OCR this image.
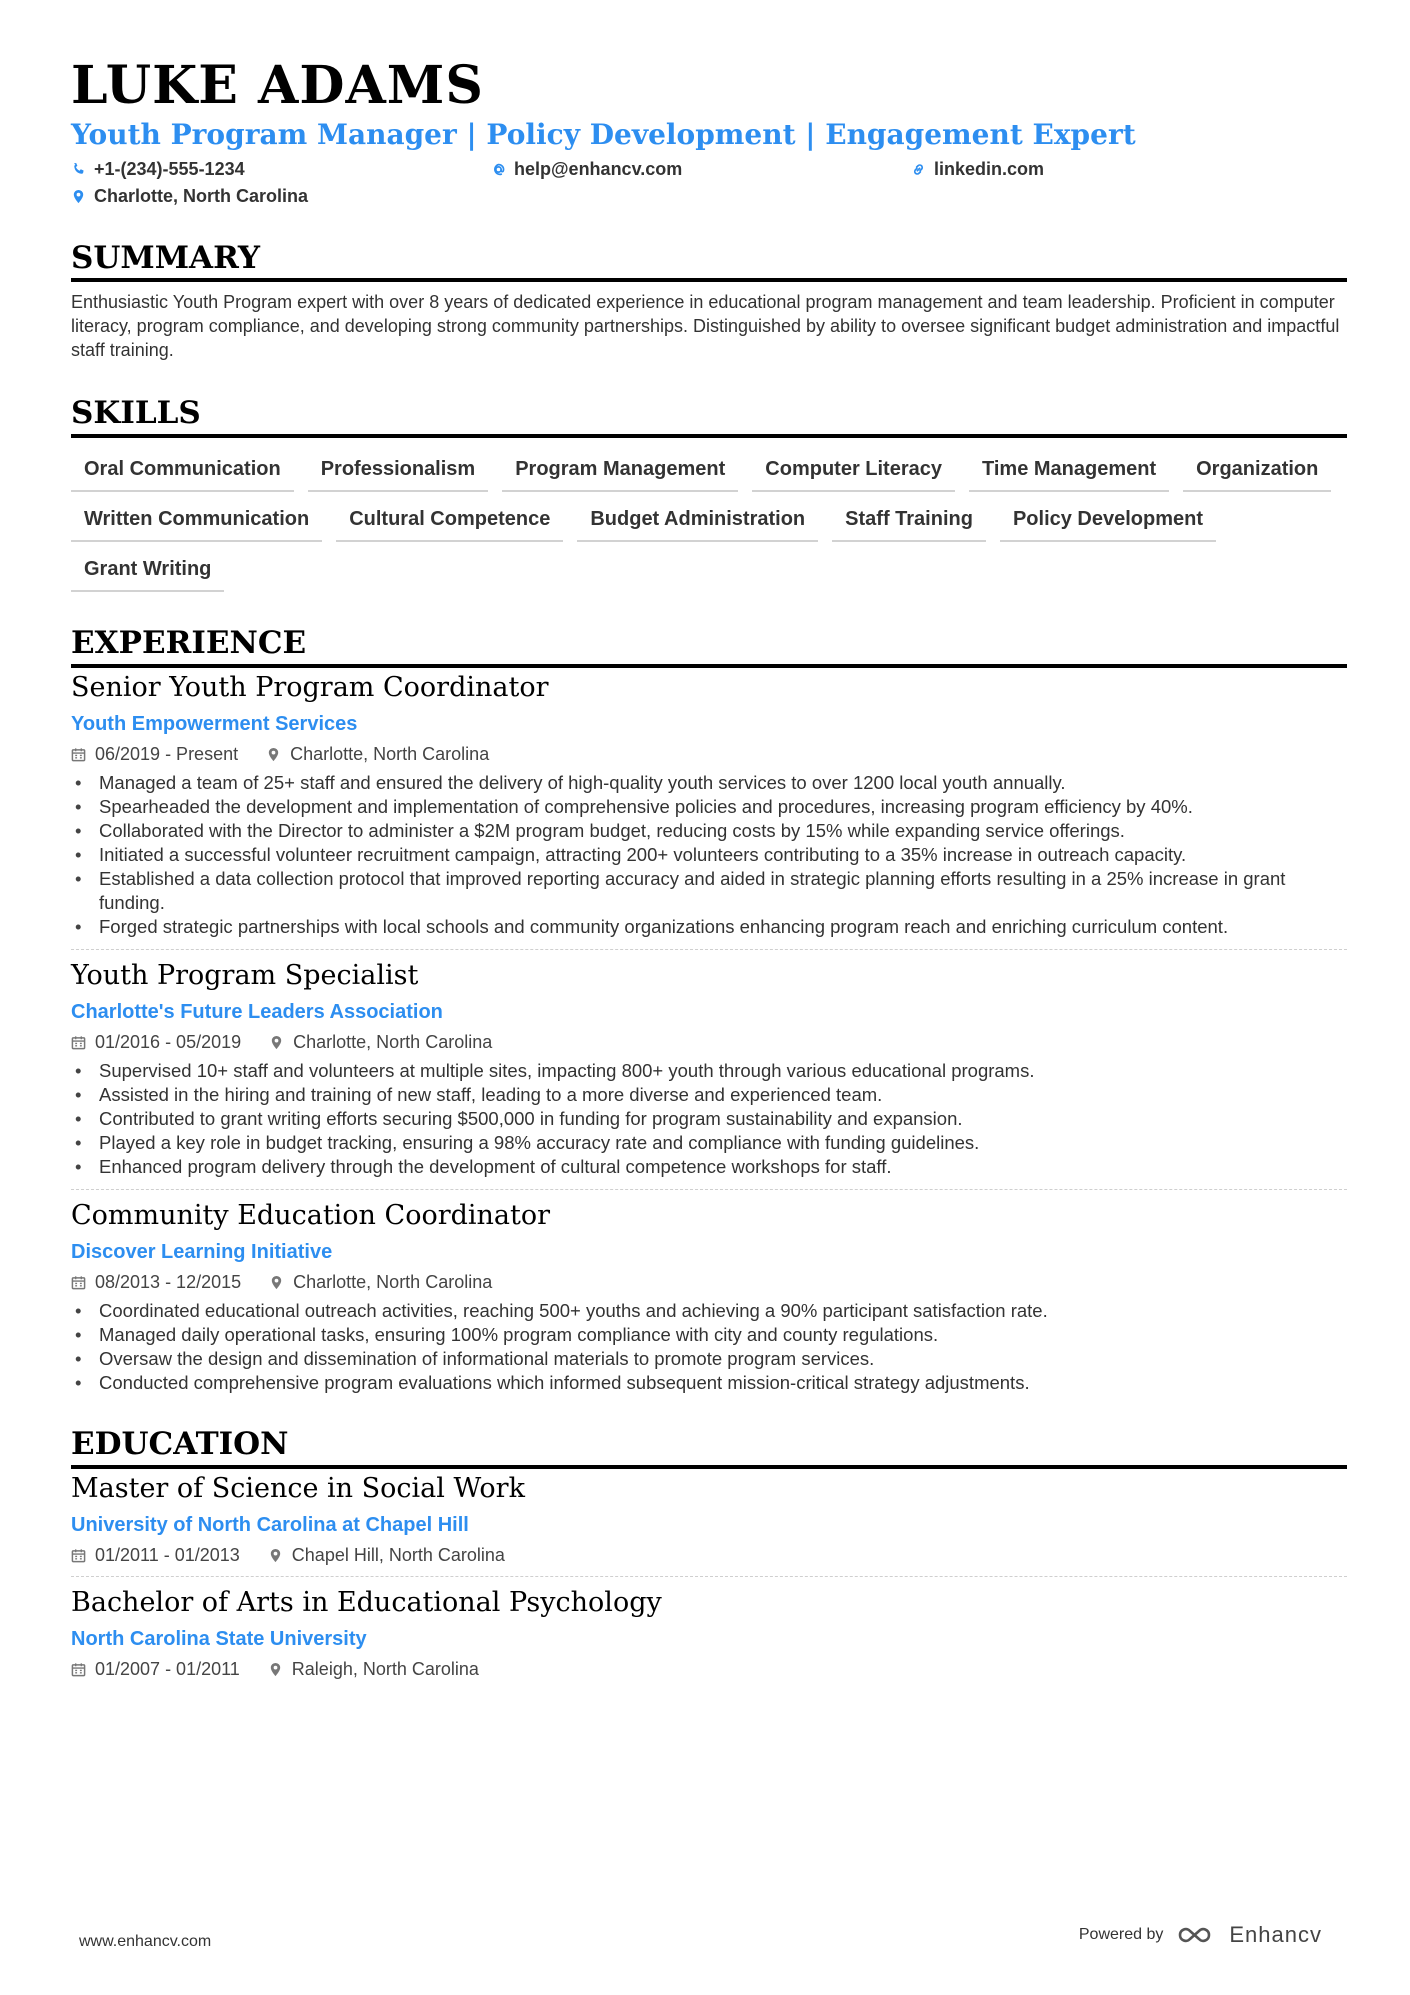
LUKE ADAMS
Youth Program Manager | Policy Development | Engagement Expert
+1-(234)-555-1234	help@enhancv.com	linkedin.com
Charlotte, North Carolina
SUMMARY

Enthusiastic Youth Program expert with over 8 years of dedicated experience in educational program management and team leadership. Proficient in computer literacy, program compliance, and developing strong community partnerships. Distinguished by ability to oversee significant budget administration and impactful staff training.

SKILLS
Oral Communication	Professionalism	Program Management	Computer Literacy	Time Management	Organization
Written Communication	Cultural Competence	Budget Administration	Staff Training	Policy Development
Grant Writing
EXPERIENCE
Senior Youth Program Coordinator
Youth Empowerment Services
06/2019 - Present	Charlotte, North Carolina
• Managed a team of 25+ staff and ensured the delivery of high-quality youth services to over 1200 local youth annually.
• Spearheaded the development and implementation of comprehensive policies and procedures, increasing program efficiency by 40%.
• Collaborated with the Director to administer a $2M program budget, reducing costs by 15% while expanding service offerings.
• Initiated a successful volunteer recruitment campaign, attracting 200+ volunteers contributing to a 35% increase in outreach capacity.
• Established a data collection protocol that improved reporting accuracy and aided in strategic planning efforts resulting in a 25% increase in grant funding.
• Forged strategic partnerships with local schools and community organizations enhancing program reach and enriching curriculum content.
Youth Program Specialist
Charlotte's Future Leaders Association
01/2016 - 05/2019	Charlotte, North Carolina
• Supervised 10+ staff and volunteers at multiple sites, impacting 800+ youth through various educational programs.
• Assisted in the hiring and training of new staff, leading to a more diverse and experienced team.
• Contributed to grant writing efforts securing $500,000 in funding for program sustainability and expansion.
• Played a key role in budget tracking, ensuring a 98% accuracy rate and compliance with funding guidelines.
• Enhanced program delivery through the development of cultural competence workshops for staff.
Community Education Coordinator
Discover Learning Initiative
08/2013 - 12/2015	Charlotte, North Carolina
• Coordinated educational outreach activities, reaching 500+ youths and achieving a 90% participant satisfaction rate.
• Managed daily operational tasks, ensuring 100% program compliance with city and county regulations.
• Oversaw the design and dissemination of informational materials to promote program services.
• Conducted comprehensive program evaluations which informed subsequent mission-critical strategy adjustments.
EDUCATION
Master of Science in Social Work
University of North Carolina at Chapel Hill
01/2011 - 01/2013	Chapel Hill, North Carolina
Bachelor of Arts in Educational Psychology
North Carolina State University
01/2007 - 01/2011	Raleigh, North Carolina
www.enhancv.com	Powered by	Enhancv
